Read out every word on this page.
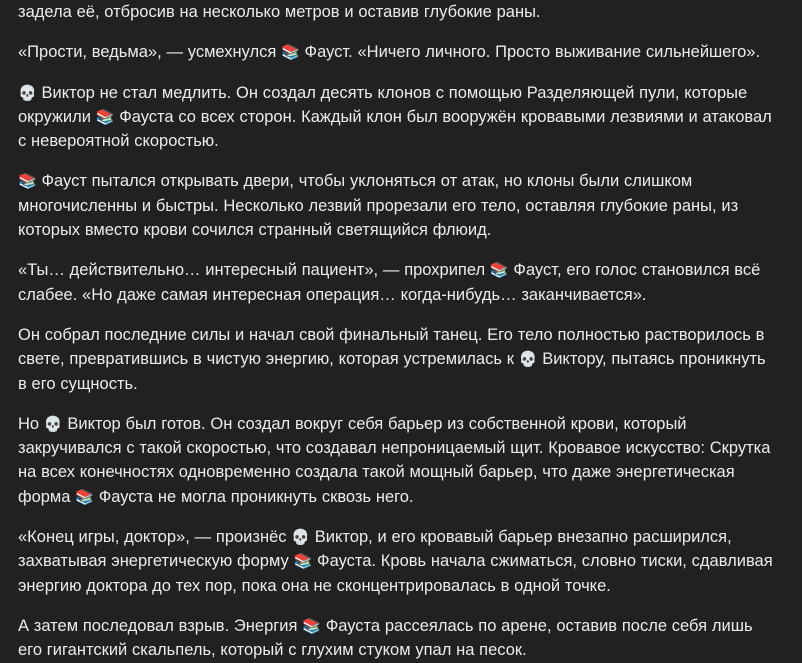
задела её, отбросив на несколько метров и оставив глубокие раны.

«Прости, ведьма», — усмехнулся 📚 Фауст. «Ничего личного. Просто выживание сильнейшего».

💀 Виктор не стал медлить. Он создал десять клонов с помощью Разделяющей пули, которые окружили 📚 Фауста со всех сторон. Каждый клон был вооружён кровавыми лезвиями и атаковал с невероятной скоростью.

📚 Фауст пытался открывать двери, чтобы уклоняться от атак, но клоны были слишком многочисленны и быстры. Несколько лезвий прорезали его тело, оставляя глубокие раны, из которых вместо крови сочился странный светящийся флюид.

«Ты… действительно… интересный пациент», — прохрипел 📚 Фауст, его голос становился всё слабее. «Но даже самая интересная операция… когда-нибудь… заканчивается».

Он собрал последние силы и начал свой финальный танец. Его тело полностью растворилось в свете, превратившись в чистую энергию, которая устремилась к 💀 Виктору, пытаясь проникнуть в его сущность.

Но 💀 Виктор был готов. Он создал вокруг себя барьер из собственной крови, который закручивался с такой скоростью, что создавал непроницаемый щит. Кровавое искусство: Скрутка на всех конечностях одновременно создала такой мощный барьер, что даже энергетическая форма 📚 Фауста не могла проникнуть сквозь него.

«Конец игры, доктор», — произнёс 💀 Виктор, и его кровавый барьер внезапно расширился, захватывая энергетическую форму 📚 Фауста. Кровь начала сжиматься, словно тиски, сдавливая энергию доктора до тех пор, пока она не сконцентрировалась в одной точке.

А затем последовал взрыв. Энергия 📚 Фауста рассеялась по арене, оставив после себя лишь его гигантский скальпель, который с глухим стуком упал на песок.
